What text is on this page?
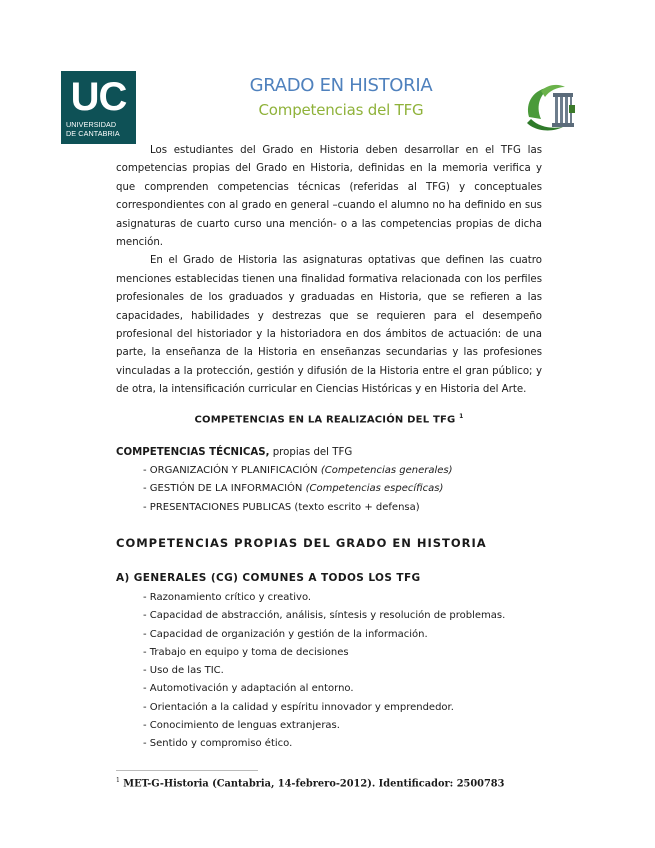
UC
UNIVERSIDAD
DE CANTABRIA
GRADO EN HISTORIA
Competencias del TFG

Los estudiantes del Grado en Historia deben desarrollar en el TFG las competencias propias del Grado en Historia, definidas en la memoria verifica y que comprenden competencias técnicas (referidas al TFG) y conceptuales correspondientes con al grado en general –cuando el alumno no ha definido en sus asignaturas de cuarto curso una mención- o a las competencias propias de dicha mención.

En el Grado de Historia las asignaturas optativas que definen las cuatro menciones establecidas tienen una finalidad formativa relacionada con los perfiles profesionales de los graduados y graduadas en Historia, que se refieren a las capacidades, habilidades y destrezas que se requieren para el desempeño profesional del historiador y la historiadora en dos ámbitos de actuación: de una parte, la enseñanza de la Historia en enseñanzas secundarias y las profesiones vinculadas a la protección, gestión y difusión de la Historia entre el gran público; y de otra, la intensificación curricular en Ciencias Históricas y en Historia del Arte.

COMPETENCIAS EN LA REALIZACIÓN DEL TFG $^1$
COMPETENCIAS TÉCNICAS, propias del TFG
- ORGANIZACIÓN Y PLANIFICACIÓN (Competencias generales)
- GESTIÓN DE LA INFORMACIÓN (Competencias específicas)
- PRESENTACIONES PUBLICAS (texto escrito + defensa)
COMPETENCIAS PROPIAS DEL GRADO EN HISTORIA
A) GENERALES (CG) COMUNES A TODOS LOS TFG
- Razonamiento crítico y creativo.
- Capacidad de abstracción, análisis, síntesis y resolución de problemas.
- Capacidad de organización y gestión de la información.
- Trabajo en equipo y toma de decisiones
- Uso de las TIC.
- Automotivación y adaptación al entorno.
- Orientación a la calidad y espíritu innovador y emprendedor.
- Conocimiento de lenguas extranjeras.
- Sentido y compromiso ético.
$^1$ MET-G-Historia (Cantabria, 14-febrero-2012). Identificador: 2500783
